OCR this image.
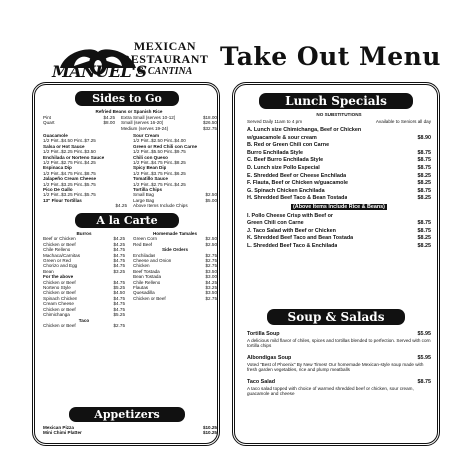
MANUEL'S
MEXICAN
RESTAURANT
& CANTINA
Take Out Menu
Sides to Go
Refried Beans or Spanish Rice
Pint	$4.25
Quart	$8.00
Extra Small (serves 10-12)	$18.00
Small (serves 16-20)	$26.50
Medium (serves 19-24)	$32.75
Guacamole
1/2 Pint..$4.50 Pint..$7.25
Salsa or Hot Sauce
1/2 Pint..$2.25 Pint..$3.50
Enchilada or Norteno Sauce
1/2 Pint..$2.75 Pint..$4.25
Espinaca Dip
1/2 Pint..$4.75 Pint..$8.75
Jalapeño Cream Cheese
1/2 Pint..$3.25 Pint..$5.75
Pico De Gallo
1/2 Pint..$3.25 Pint..$5.75
13" Flour Tortillas
$4.25
Sour Cream
1/2 Pint..$2.50 Pint..$4.00
Green or Red Chili con Carne
1/2 Pint..$5.50 Pint..$9.75
Chili con Queso
1/2 Pint..$4.75 Pint..$8.25
Spicy Bean Dip
1/2 Pint..$3.75 Pint..$6.25
Tomatillo Sauce
1/2 Pint..$2.75 Pint..$4.25
Tortilla Chips
Small Bag	$2.50
Large Bag	$5.00
Above Items Include Chips
A la Carte
Burros
Beef or Chicken	$4.25
Chicken or Beef	$4.25
Chile Relleno	$4.75
Machaca/Carnitas	$4.75
Green or Red	$4.75
Chorizo and Egg	$4.75
Bean	$3.25
For the above
Chicken or Beef	$4.75
Norteno Style	$5.25
Chicken or Beef	$4.50
Spinach Chicken	$4.75
Cream Cheese	$4.75
Chicken or Beef	$4.75
Chimichanga	$5.25
Taco
Chicken or Beef	$2.75
Homemade Tamales
Green Corn	$2.50
Red Beef	$2.50
Side Orders
Enchiladas	$2.75
Cheese and Onion	$2.75
Chicken	$2.75
Beef Tostada	$3.50
Bean Tostada	$3.00
Chile Relleno	$4.25
Flautas	$3.25
Quesadilla	$3.50
Chicken or Beef	$2.75
Appetizers
Mexican Pizza	$10.25
Mini Chimi Platter	$10.25
Lunch Specials
NO SUBSTITUTIONS
Served Daily 11am to 4 pm	Available to Seniors all day
A. Lunch size Chimichanga, Beef or Chicken
w/guacamole & sour cream	$8.90
B. Red or Green Chili con Carne
Burro Enchilada Style	$8.75
C. Beef Burro Enchilada Style	$8.75
D. Lunch size Pollo Especial	$8.75
E. Shredded Beef or Cheese Enchilada	$8.25
F. Flauta, Beef or Chicken w/guacamole	$8.25
G. Spinach Chicken Enchilada	$8.75
H. Shredded Beef Taco & Bean Tostada	$8.25
(Above Items Include Rice & Beans)
I. Pollo Cheese Crisp with Beef or
Green Chili con Carne	$8.75
J. Taco Salad with Beef or Chicken	$8.75
K. Shredded Beef Taco and Bean Tostada	$8.25
L. Shredded Beef Taco & Enchilada	$8.25
Soup & Salads
Tortilla Soup	$5.95
A delicious mild flavor of chiles, spices and tortillas blended to perfection. Served with corn tortilla chips
Albondigas Soup	$5.95
Voted "Best of Phoenix" By New Times! Our homemade Mexican-style soup made with fresh garden vegetables, rice and plump meatballs
Taco Salad	$8.75
A taco salad topped with choice of warmed shredded beef or chicken, sour cream, guacamole and cheese
